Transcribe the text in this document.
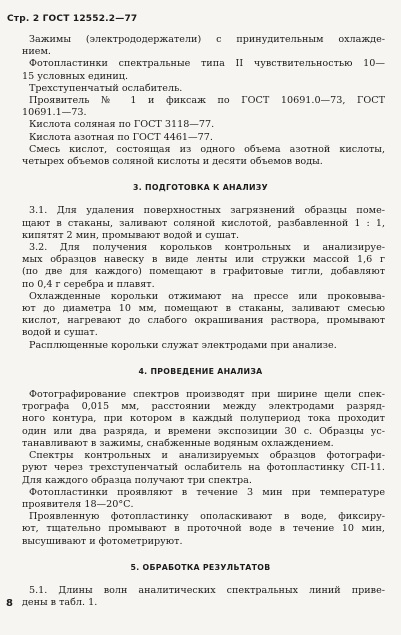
Стр. 2 ГОСТ 12552.2—77
Зажимы (электрододержатели) с принудительным охлажде-
нием.
Фотопластинки спектральные типа II чувствительностью 10—
15 условных единиц.
Трехступенчатый ослабитель.
Проявитель № 1 и фиксаж по ГОСТ 10691.0—73, ГОСТ
10691.1—73.
Кислота соляная по ГОСТ 3118—77.
Кислота азотная по ГОСТ 4461—77.
Смесь кислот, состоящая из одного объема азотной кислоты,
четырех объемов соляной кислоты и десяти объемов воды.
3. ПОДГОТОВКА К АНАЛИЗУ
3.1. Для удаления поверхностных загрязнений образцы поме-
щают в стаканы, заливают соляной кислотой, разбавленной 1 : 1,
кипятят 2 мин, промывают водой и сушат.
3.2. Для получения корольков контрольных и анализируе-
мых образцов навеску в виде ленты или стружки массой 1,6 г
(по две для каждого) помещают в графитовые тигли, добавляют
по 0,4 г серебра и плавят.
Охлажденные корольки отжимают на прессе или проковыва-
ют до диаметра 10 мм, помещают в стаканы, заливают смесью
кислот, нагревают до слабого окрашивания раствора, промывают
водой и сушат.
Расплющенные корольки служат электродами при анализе.
4. ПРОВЕДЕНИЕ АНАЛИЗА
Фотографирование спектров производят при ширине щели спек-
трографа 0,015 мм, расстоянии между электродами разряд-
ного контура, при котором в каждый полупериод тока проходит
один или два разряда, и времени экспозиции 30 с. Образцы ус-
танавливают в зажимы, снабженные водяным охлаждением.
Спектры контрольных и анализируемых образцов фотографи-
руют через трехступенчатый ослабитель на фотопластинку СП-11.
Для каждого образца получают три спектра.
Фотопластинки проявляют в течение 3 мин при температуре
проявителя 18—20°С.
Проявленную фотопластинку ополаскивают в воде, фиксиру-
ют, тщательно промывают в проточной воде в течение 10 мин,
высушивают и фотометрируют.
5. ОБРАБОТКА РЕЗУЛЬТАТОВ
5.1. Длины волн аналитических спектральных линий приве-
дены в табл. 1.
8
